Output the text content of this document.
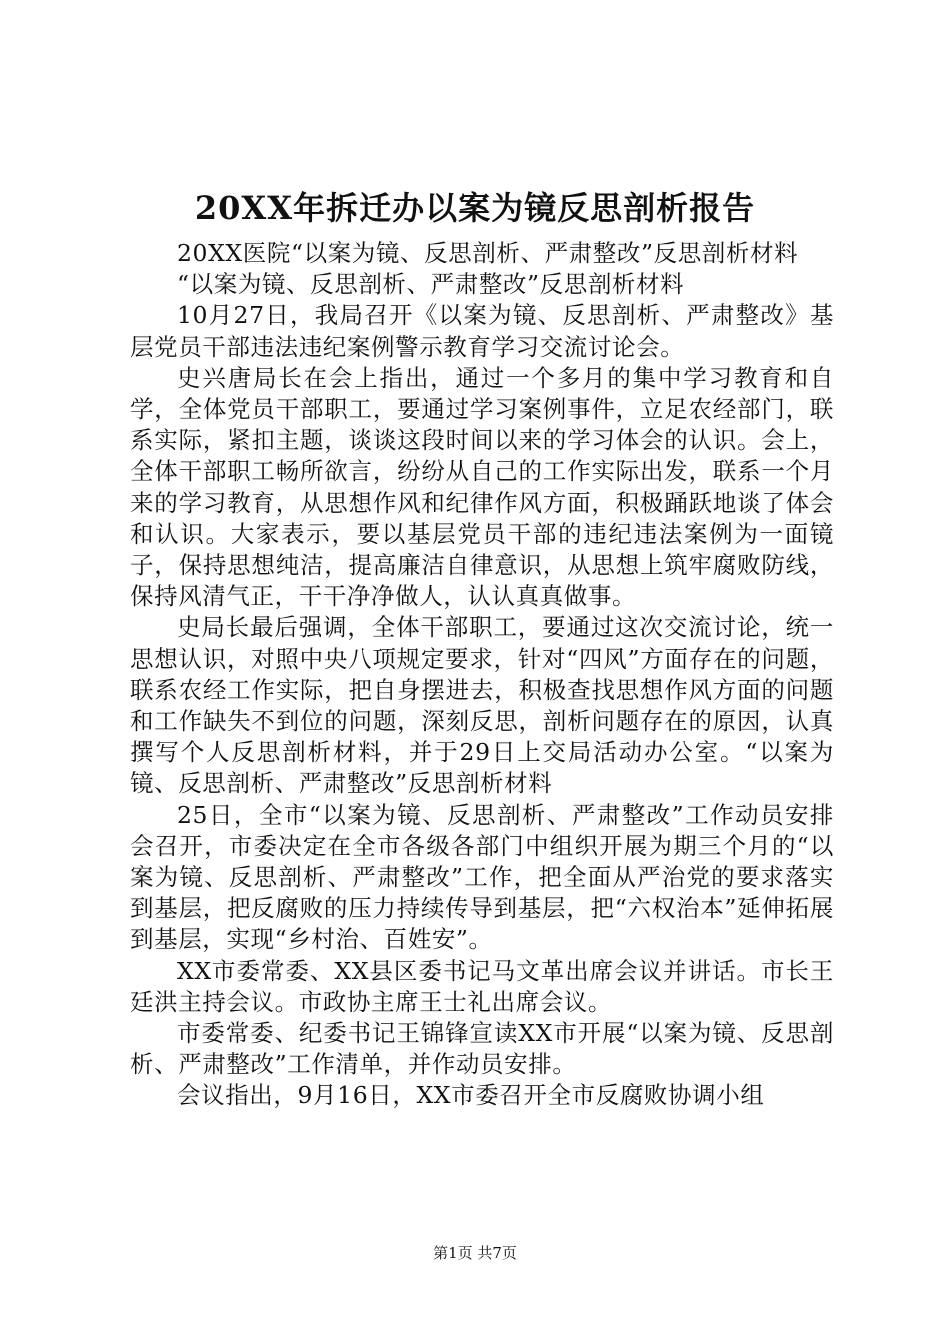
20XX年拆迁办以案为镜反思剖析报告

20XX医院“以案为镜、反思剖析、严肃整改”反思剖析材料

“以案为镜、反思剖析、严肃整改”反思剖析材料

10月27日，我局召开《以案为镜、反思剖析、严肃整改》基层党员干部违法违纪案例警示教育学习交流讨论会。

史兴唐局长在会上指出，通过一个多月的集中学习教育和自学，全体党员干部职工，要通过学习案例事件，立足农经部门，联系实际，紧扣主题，谈谈这段时间以来的学习体会的认识。会上，全体干部职工畅所欲言，纷纷从自己的工作实际出发，联系一个月来的学习教育，从思想作风和纪律作风方面，积极踊跃地谈了体会和认识。大家表示，要以基层党员干部的违纪违法案例为一面镜子，保持思想纯洁，提高廉洁自律意识，从思想上筑牢腐败防线，保持风清气正，干干净净做人，认认真真做事。

史局长最后强调，全体干部职工，要通过这次交流讨论，统一思想认识，对照中央八项规定要求，针对“四风”方面存在的问题，联系农经工作实际，把自身摆进去，积极查找思想作风方面的问题和工作缺失不到位的问题，深刻反思，剖析问题存在的原因，认真撰写个人反思剖析材料，并于29日上交局活动办公室。“以案为镜、反思剖析、严肃整改”反思剖析材料

25日，全市“以案为镜、反思剖析、严肃整改”工作动员安排会召开，市委决定在全市各级各部门中组织开展为期三个月的“以案为镜、反思剖析、严肃整改”工作，把全面从严治党的要求落实到基层，把反腐败的压力持续传导到基层，把“六权治本”延伸拓展到基层，实现“乡村治、百姓安”。

XX市委常委、XX县区委书记马文革出席会议并讲话。市长王廷洪主持会议。市政协主席王士礼出席会议。

市委常委、纪委书记王锦锋宣读XX市开展“以案为镜、反思剖析、严肃整改”工作清单，并作动员安排。

会议指出，9月16日，XX市委召开全市反腐败协调小组

第1页 共7页
